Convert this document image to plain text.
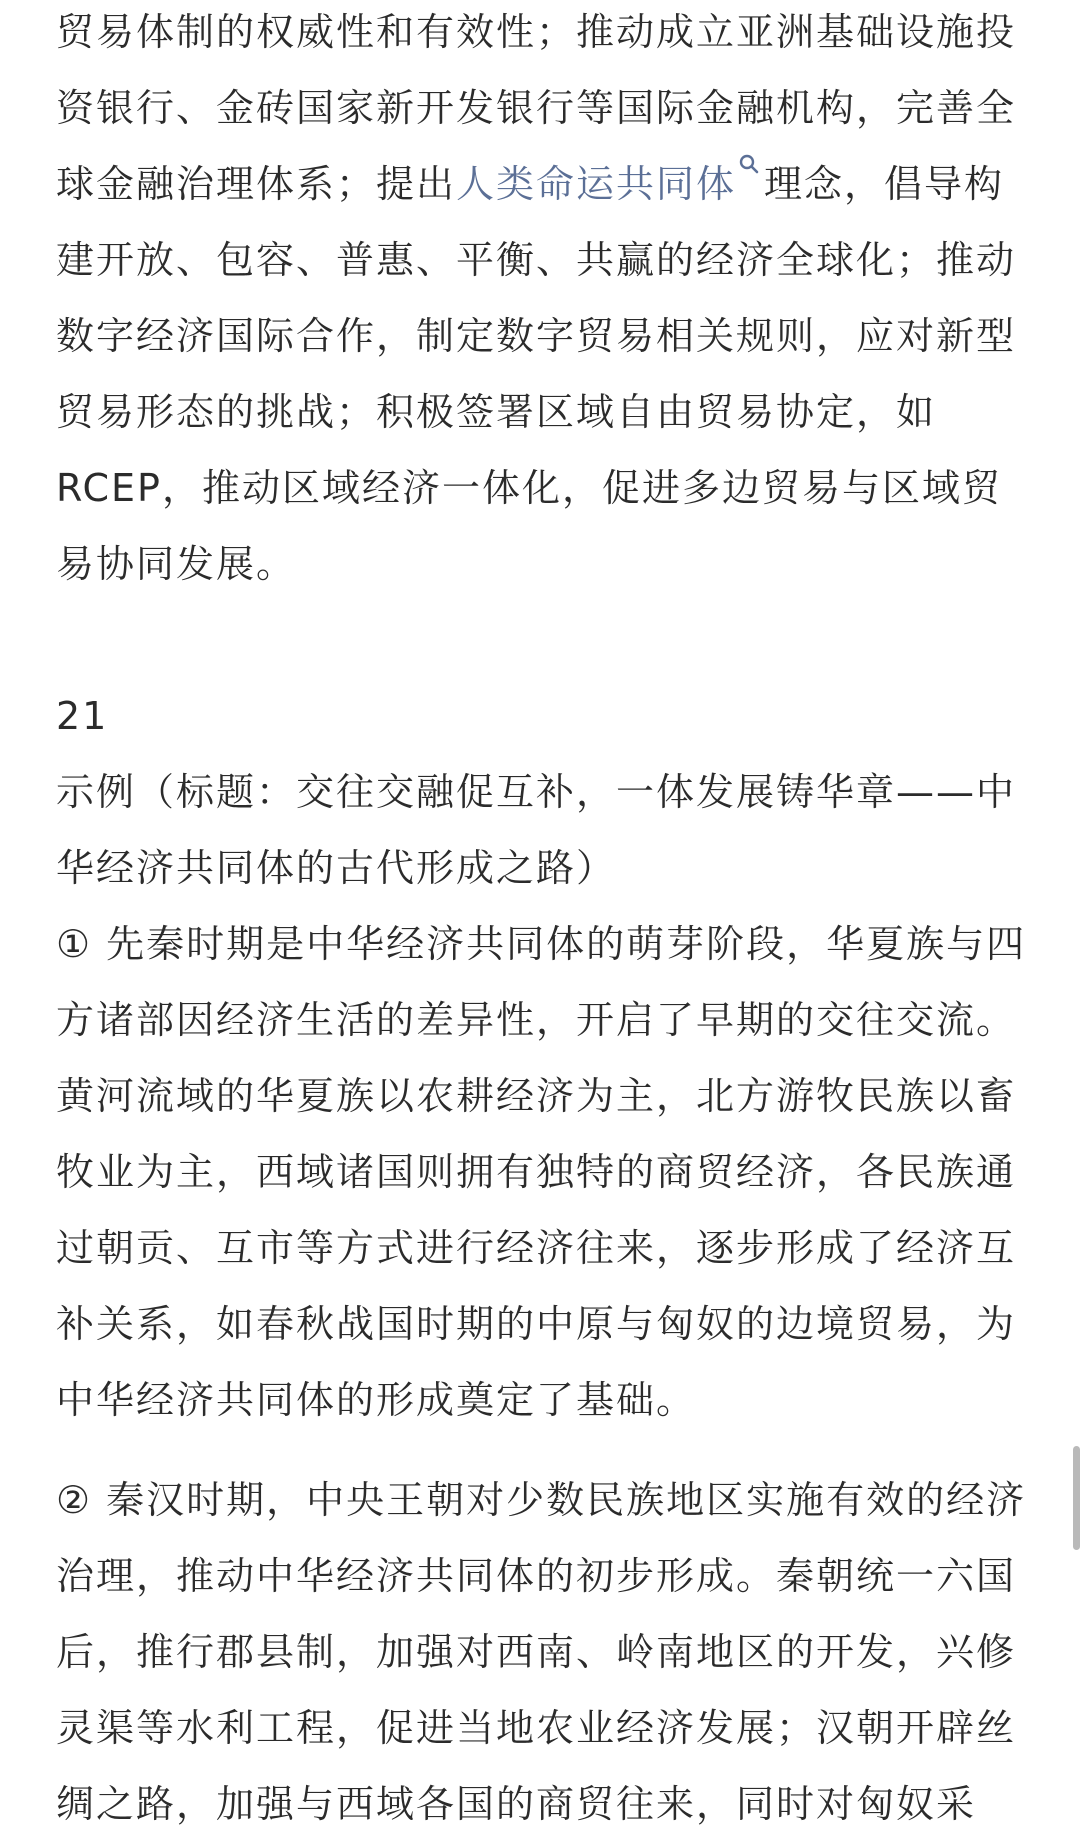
贸易体制的权威性和有效性；推动成立亚洲基础设施投资银行、金砖国家新开发银行等国际金融机构，完善全球金融治理体系；提出人类命运共同体 理念，倡导构建开放、包容、普惠、平衡、共赢的经济全球化；推动数字经济国际合作，制定数字贸易相关规则，应对新型贸易形态的挑战；积极签署区域自由贸易协定，如RCEP，推动区域经济一体化，促进多边贸易与区域贸易协同发展。

21

示例（标题：交往交融促互补，一体发展铸华章——中华经济共同体的古代形成之路）

① 先秦时期是中华经济共同体的萌芽阶段，华夏族与四方诸部因经济生活的差异性，开启了早期的交往交流。黄河流域的华夏族以农耕经济为主，北方游牧民族以畜牧业为主，西域诸国则拥有独特的商贸经济，各民族通过朝贡、互市等方式进行经济往来，逐步形成了经济互补关系，如春秋战国时期的中原与匈奴的边境贸易，为中华经济共同体的形成奠定了基础。

② 秦汉时期，中央王朝对少数民族地区实施有效的经济治理，推动中华经济共同体的初步形成。秦朝统一六国后，推行郡县制，加强对西南、岭南地区的开发，兴修灵渠等水利工程，促进当地农业经济发展；汉朝开辟丝绸之路，加强与西域各国的商贸往来，同时对匈奴采
